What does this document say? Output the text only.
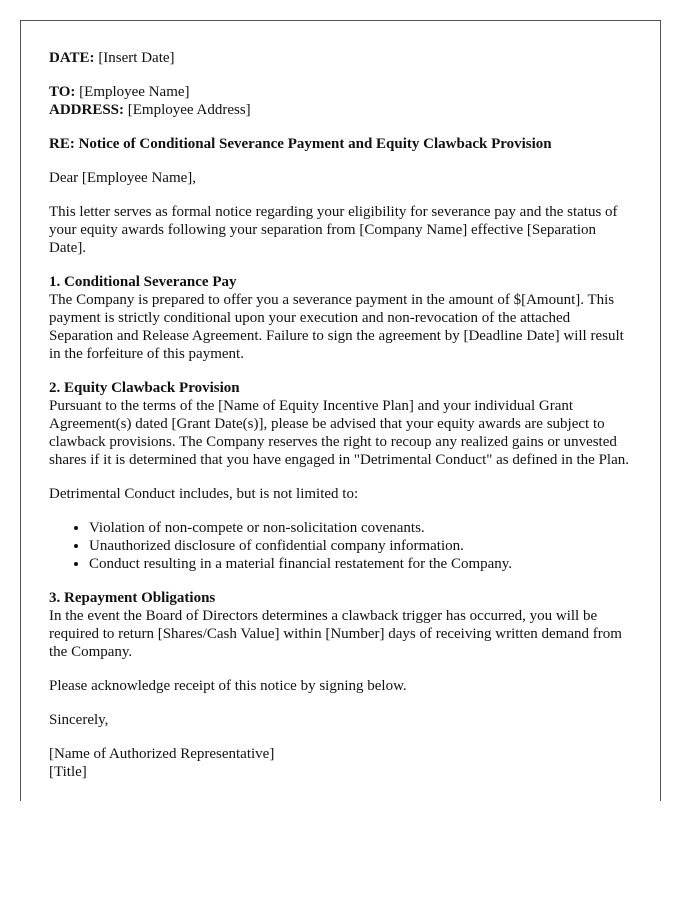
DATE: [Insert Date]

TO: [Employee Name]

ADDRESS: [Employee Address]

RE: Notice of Conditional Severance Payment and Equity Clawback Provision

Dear [Employee Name],

This letter serves as formal notice regarding your eligibility for severance pay and the status of your equity awards following your separation from [Company Name] effective [Separation Date].

1. Conditional Severance Pay

The Company is prepared to offer you a severance payment in the amount of $[Amount]. This payment is strictly conditional upon your execution and non-revocation of the attached Separation and Release Agreement. Failure to sign the agreement by [Deadline Date] will result in the forfeiture of this payment.

2. Equity Clawback Provision

Pursuant to the terms of the [Name of Equity Incentive Plan] and your individual Grant Agreement(s) dated [Grant Date(s)], please be advised that your equity awards are subject to clawback provisions. The Company reserves the right to recoup any realized gains or unvested shares if it is determined that you have engaged in "Detrimental Conduct" as defined in the Plan.

Detrimental Conduct includes, but is not limited to:

• Violation of non-compete or non-solicitation covenants.
• Unauthorized disclosure of confidential company information.
• Conduct resulting in a material financial restatement for the Company.
3. Repayment Obligations

In the event the Board of Directors determines a clawback trigger has occurred, you will be required to return [Shares/Cash Value] within [Number] days of receiving written demand from the Company.

Please acknowledge receipt of this notice by signing below.

Sincerely,

[Name of Authorized Representative]

[Title]
